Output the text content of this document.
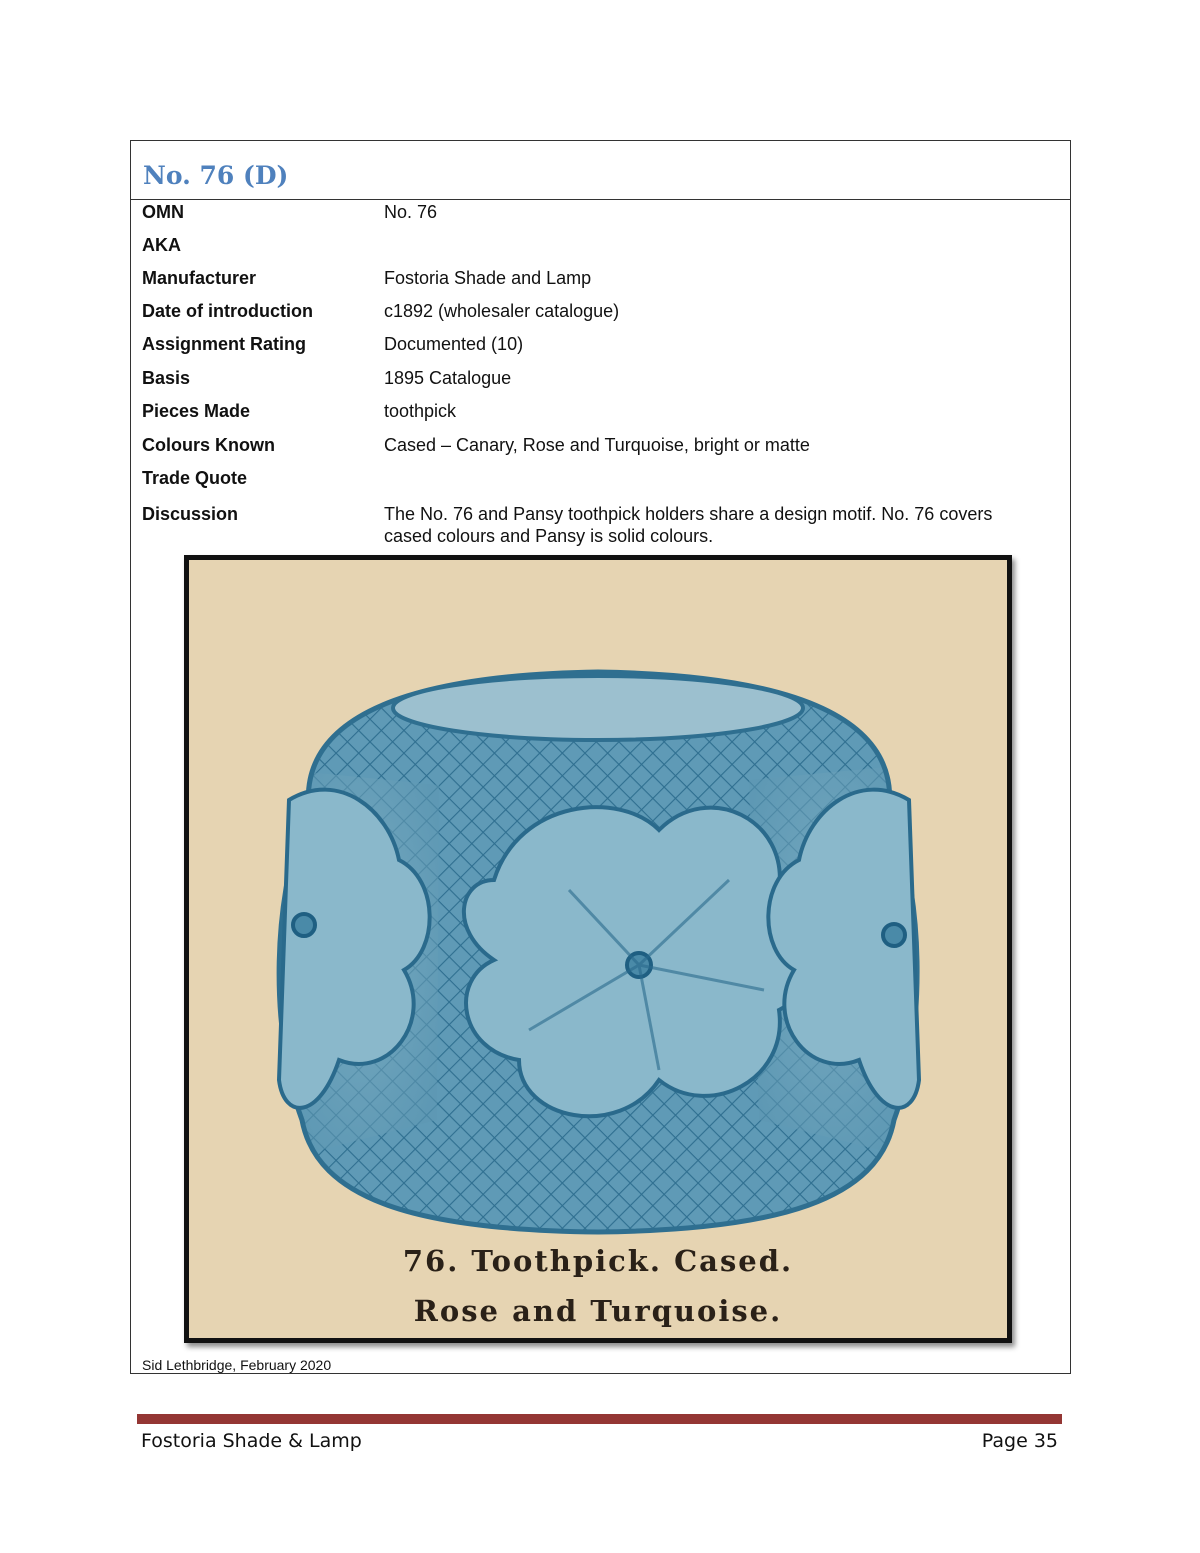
No. 76 (D)
OMN	No. 76
AKA
Manufacturer	Fostoria Shade and Lamp
Date of introduction	c1892 (wholesaler catalogue)
Assignment Rating	Documented (10)
Basis	1895 Catalogue
Pieces Made	toothpick
Colours Known	Cased – Canary, Rose and Turquoise, bright or matte
Trade Quote
Discussion	The No. 76 and Pansy toothpick holders share a design motif. No. 76 covers cased colours and Pansy is solid colours.
76. Toothpick. Cased.
Rose and Turquoise.
Sid Lethbridge, February 2020
Fostoria Shade & Lamp	Page 35
